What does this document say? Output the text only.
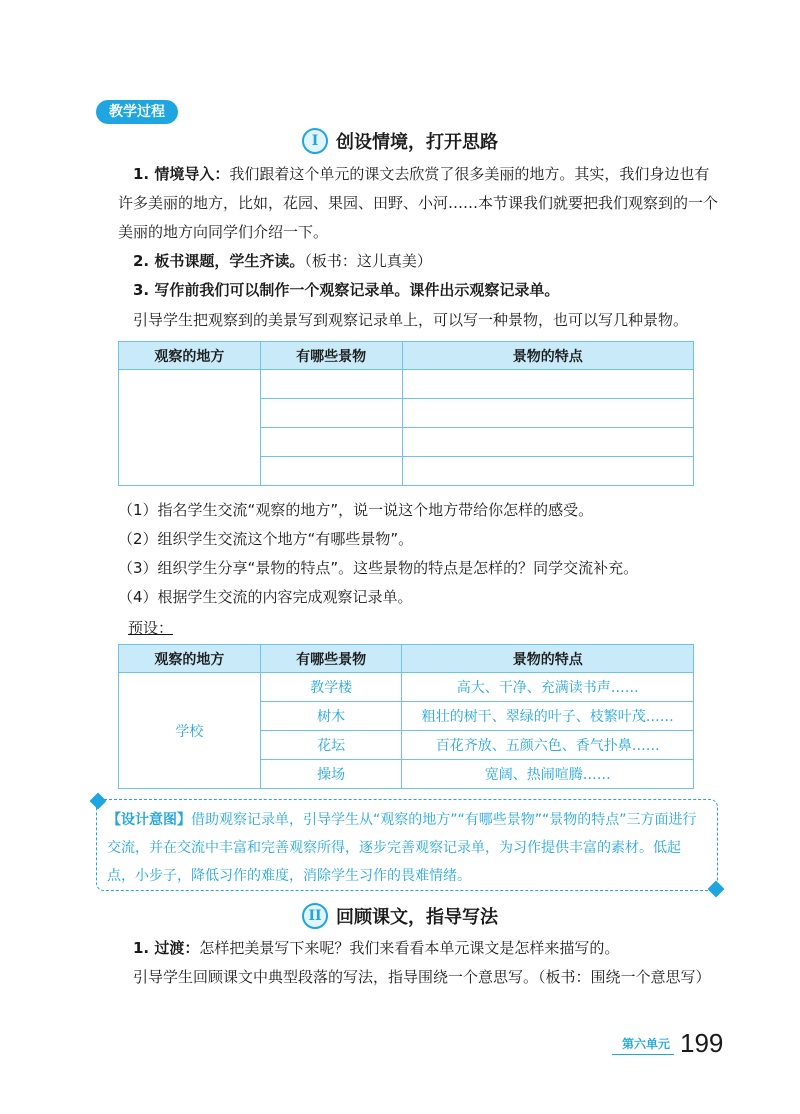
教学过程
I 创设情境，打开思路
1. 情境导入：我们跟着这个单元的课文去欣赏了很多美丽的地方。其实，我们身边也有许多美丽的地方，比如，花园、果园、田野、小河……本节课我们就要把我们观察到的一个美丽的地方向同学们介绍一下。
2. 板书课题，学生齐读。（板书：这儿真美）
3. 写作前我们可以制作一个观察记录单。课件出示观察记录单。
引导学生把观察到的美景写到观察记录单上，可以写一种景物，也可以写几种景物。
观察的地方	有哪些景物	景物的特点

（1）指名学生交流“观察的地方”，说一说这个地方带给你怎样的感受。
（2）组织学生交流这个地方“有哪些景物”。
（3）组织学生分享“景物的特点”。这些景物的特点是怎样的？同学交流补充。
（4）根据学生交流的内容完成观察记录单。
预设：
观察的地方	有哪些景物	景物的特点
学校	教学楼	高大、干净、充满读书声……
	树木	粗壮的树干、翠绿的叶子、枝繁叶茂……
	花坛	百花齐放、五颜六色、香气扑鼻……
	操场	宽阔、热闹喧腾……
【设计意图】借助观察记录单，引导学生从“观察的地方”“有哪些景物”“景物的特点”三方面进行交流，并在交流中丰富和完善观察所得，逐步完善观察记录单，为习作提供丰富的素材。低起点，小步子，降低习作的难度，消除学生习作的畏难情绪。
II 回顾课文，指导写法
1. 过渡：怎样把美景写下来呢？我们来看看本单元课文是怎样来描写的。
引导学生回顾课文中典型段落的写法，指导围绕一个意思写。（板书：围绕一个意思写）
第六单元 199
